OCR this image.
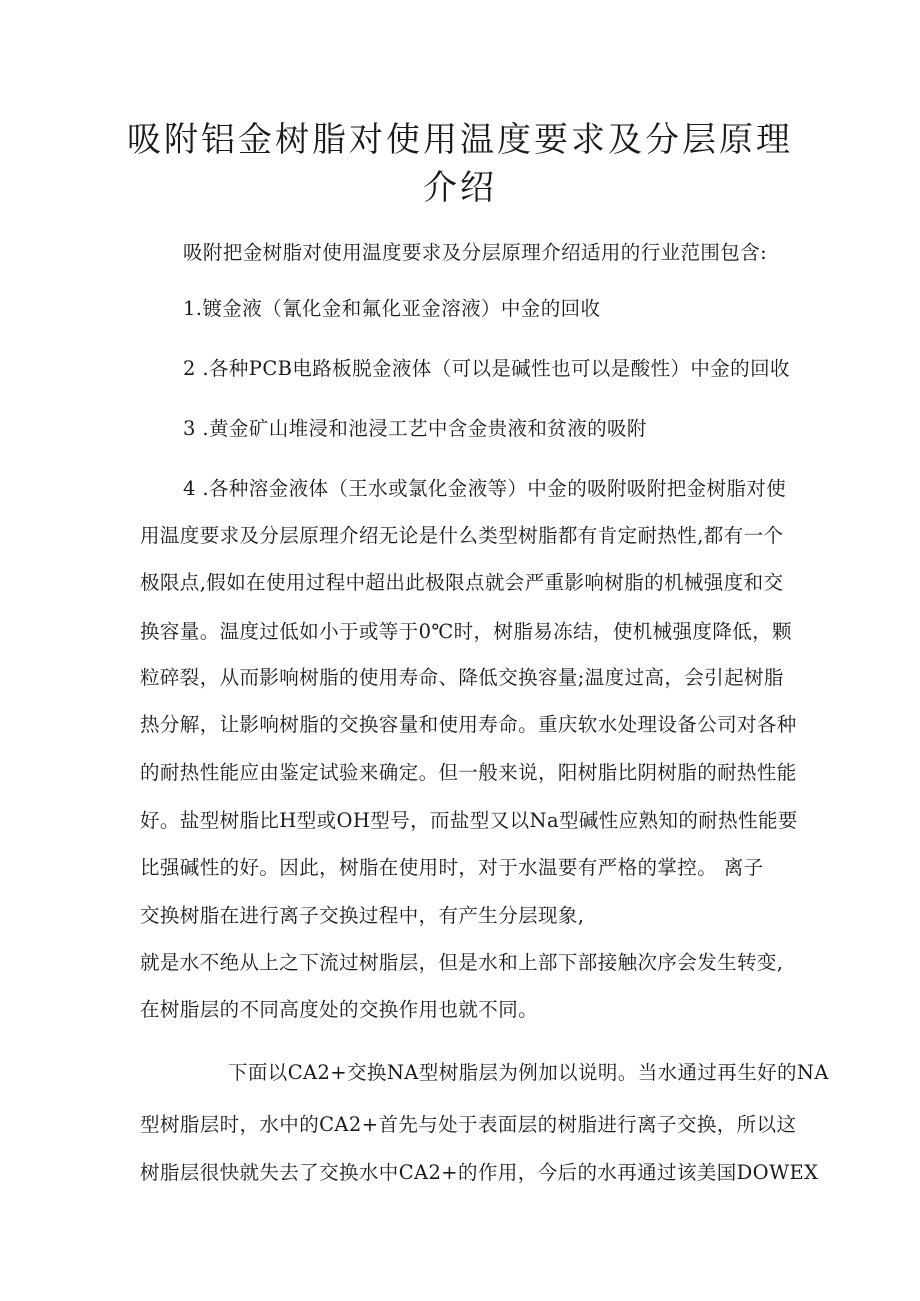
吸附铝金树脂对使用温度要求及分层原理
介绍
吸附把金树脂对使用温度要求及分层原理介绍适用的行业范围包含:
1.镀金液（氰化金和氟化亚金溶液）中金的回收
2 .各种PCB电路板脱金液体（可以是碱性也可以是酸性）中金的回收
3 .黄金矿山堆浸和池浸工艺中含金贵液和贫液的吸附
4 .各种溶金液体（王水或氯化金液等）中金的吸附吸附把金树脂对使
用温度要求及分层原理介绍无论是什么类型树脂都有肯定耐热性,都有一个
极限点,假如在使用过程中超出此极限点就会严重影响树脂的机械强度和交
换容量。温度过低如小于或等于0℃时，树脂易冻结，使机械强度降低，颗
粒碎裂，从而影响树脂的使用寿命、降低交换容量;温度过高，会引起树脂
热分解，让影响树脂的交换容量和使用寿命。重庆软水处理设备公司对各种
的耐热性能应由鉴定试验来确定。但一般来说，阳树脂比阴树脂的耐热性能
好。盐型树脂比H型或OH型号，而盐型又以Na型碱性应熟知的耐热性能要
比强碱性的好。因此，树脂在使用时，对于水温要有严格的掌控。 离子
交换树脂在进行离子交换过程中，有产生分层现象,
就是水不绝从上之下流过树脂层，但是水和上部下部接触次序会发生转变,
在树脂层的不同高度处的交换作用也就不同。
下面以CA2+交换NA型树脂层为例加以说明。当水通过再生好的NA
型树脂层时，水中的CA2+首先与处于表面层的树脂进行离子交换，所以这
树脂层很快就失去了交换水中CA2+的作用，今后的水再通过该美国DOWEX
